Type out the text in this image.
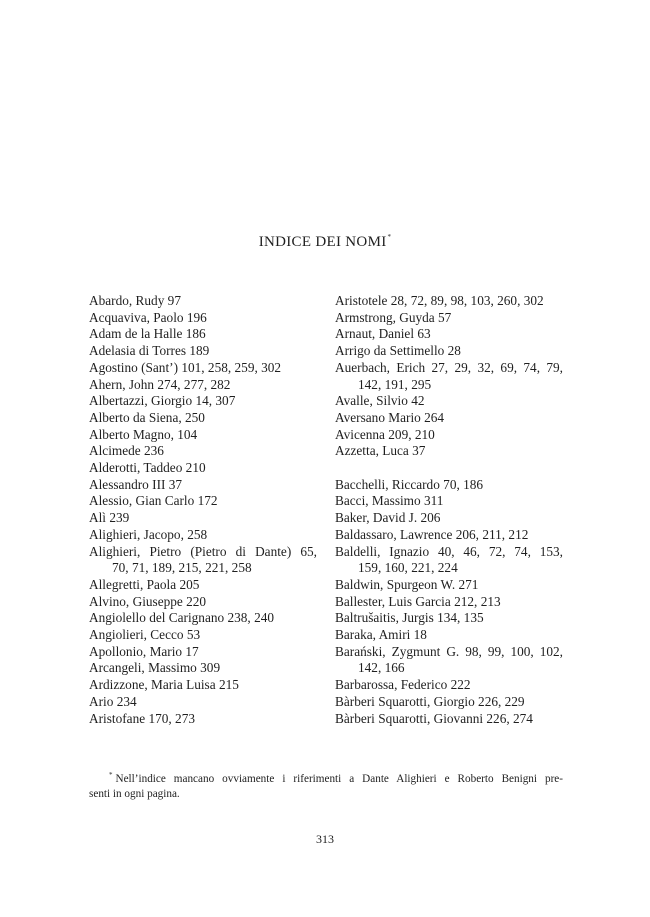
INDICE DEI NOMI*
Abardo, Rudy 97
Acquaviva, Paolo 196
Adam de la Halle 186
Adelasia di Torres 189
Agostino (Sant’) 101, 258, 259, 302
Ahern, John 274, 277, 282
Albertazzi, Giorgio 14, 307
Alberto da Siena, 250
Alberto Magno, 104
Alcimede 236
Alderotti, Taddeo 210
Alessandro III 37
Alessio, Gian Carlo 172
Alì 239
Alighieri, Jacopo, 258
Alighieri, Pietro (Pietro di Dante) 65,
70, 71, 189, 215, 221, 258
Allegretti, Paola 205
Alvino, Giuseppe 220
Angiolello del Carignano 238, 240
Angiolieri, Cecco 53
Apollonio, Mario 17
Arcangeli, Massimo 309
Ardizzone, Maria Luisa 215
Ario 234
Aristofane 170, 273
Aristotele 28, 72, 89, 98, 103, 260, 302
Armstrong, Guyda 57
Arnaut, Daniel 63
Arrigo da Settimello 28
Auerbach, Erich 27, 29, 32, 69, 74, 79,
142, 191, 295
Avalle, Silvio 42
Aversano Mario 264
Avicenna 209, 210
Azzetta, Luca 37
Bacchelli, Riccardo 70, 186
Bacci, Massimo 311
Baker, David J. 206
Baldassaro, Lawrence 206, 211, 212
Baldelli, Ignazio 40, 46, 72, 74, 153,
159, 160, 221, 224
Baldwin, Spurgeon W. 271
Ballester, Luis Garcia 212, 213
Baltrušaitis, Jurgis 134, 135
Baraka, Amiri 18
Barański, Zygmunt G. 98, 99, 100, 102,
142, 166
Barbarossa, Federico 222
Bàrberi Squarotti, Giorgio 226, 229
Bàrberi Squarotti, Giovanni 226, 274
* Nell’indice mancano ovviamente i riferimenti a Dante Alighieri e Roberto Benigni pre-
senti in ogni pagina.
313
